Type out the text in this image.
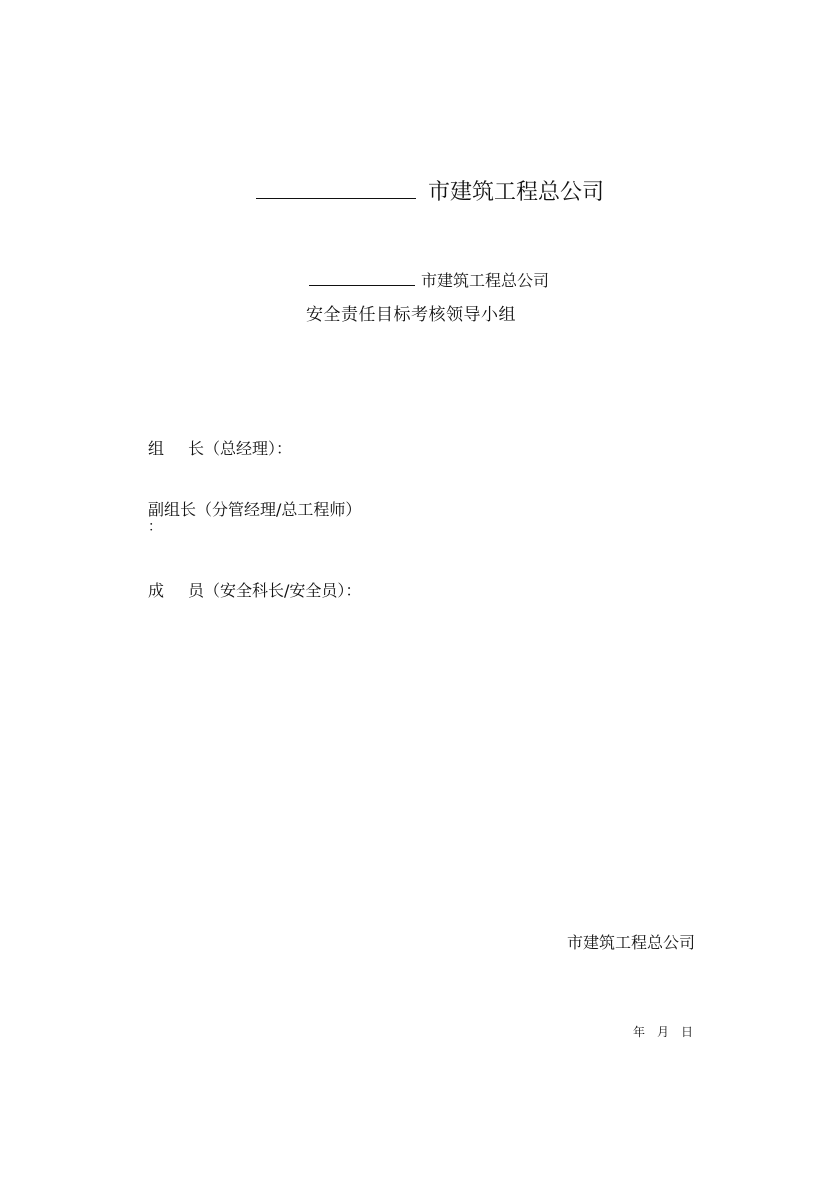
市建筑工程总公司
市建筑工程总公司
安全责任目标考核领导小组
组 长（总经理）：
副组长（分管经理/总工程师）
：
成 员（安全科长/安全员）：
市建筑工程总公司
年 月 日
